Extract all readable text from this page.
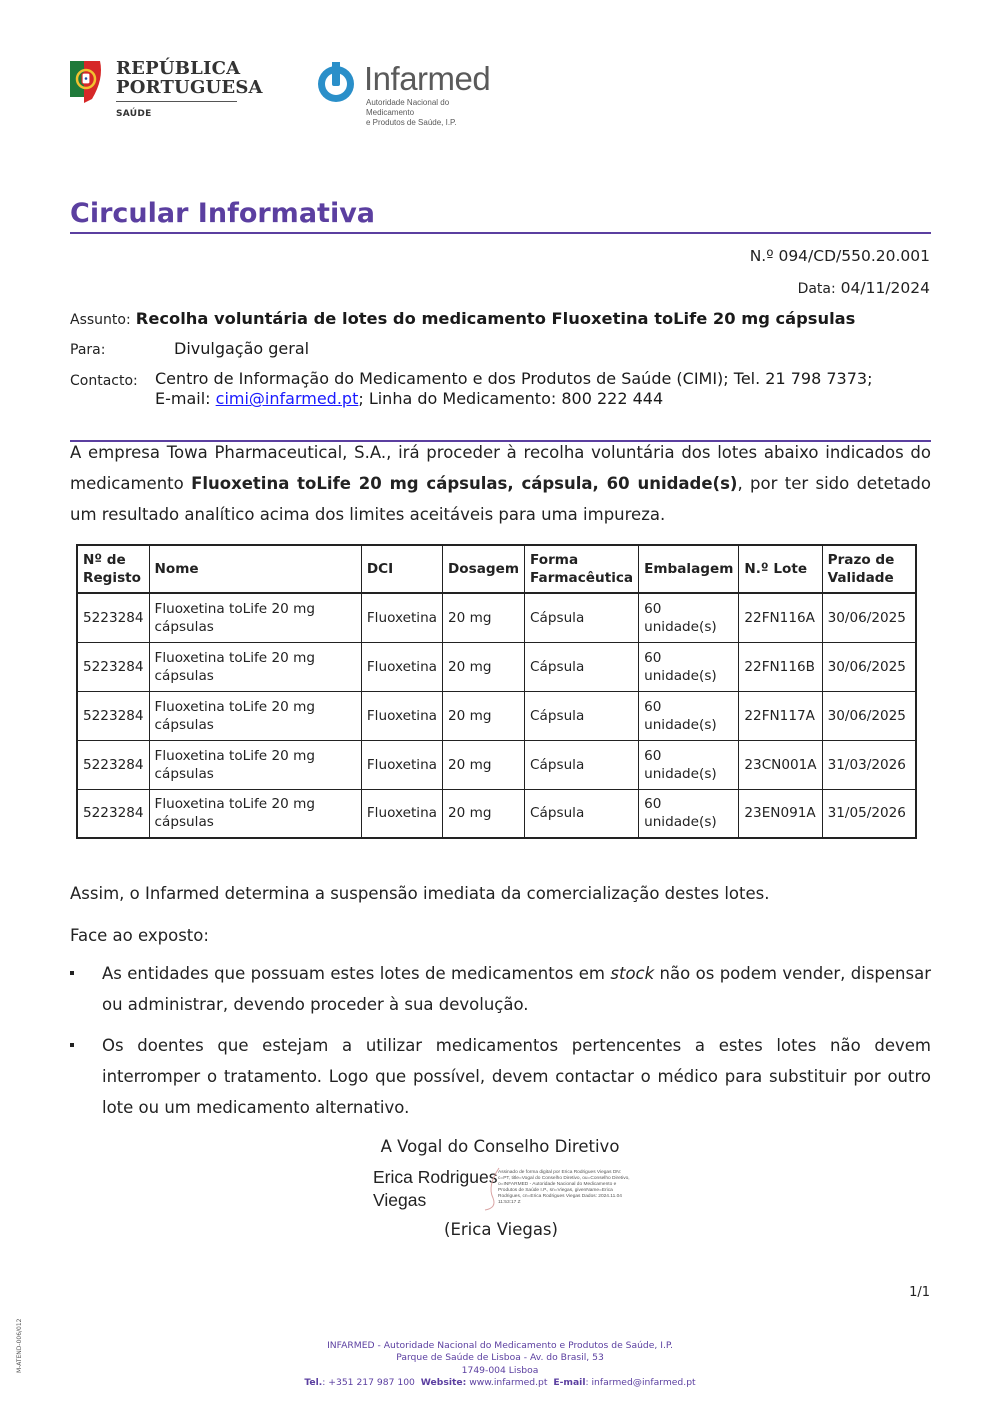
REPÚBLICA
PORTUGUESA
SAÚDE
Infarmed
Autoridade Nacional do Medicamento
e Produtos de Saúde, I.P.
Circular Informativa
N.º 094/CD/550.20.001
Data: 04/11/2024
Assunto: Recolha voluntária de lotes do medicamento Fluoxetina toLife 20 mg cápsulas
Para:	Divulgação geral
Contacto: Centro de Informação do Medicamento e dos Produtos de Saúde (CIMI); Tel. 21 798 7373;
E-mail: cimi@infarmed.pt; Linha do Medicamento: 800 222 444
A empresa Towa Pharmaceutical, S.A., irá proceder à recolha voluntária dos lotes abaixo indicados do medicamento Fluoxetina toLife 20 mg cápsulas, cápsula, 60 unidade(s), por ter sido detetado um resultado analítico acima dos limites aceitáveis para uma impureza.
Nº de Registo	Nome	DCI	Dosagem	Forma Farmacêutica	Embalagem	N.º Lote	Prazo de Validade
5223284	Fluoxetina toLife 20 mg cápsulas	Fluoxetina	20 mg	Cápsula	60 unidade(s)	22FN116A	30/06/2025
5223284	Fluoxetina toLife 20 mg cápsulas	Fluoxetina	20 mg	Cápsula	60 unidade(s)	22FN116B	30/06/2025
5223284	Fluoxetina toLife 20 mg cápsulas	Fluoxetina	20 mg	Cápsula	60 unidade(s)	22FN117A	30/06/2025
5223284	Fluoxetina toLife 20 mg cápsulas	Fluoxetina	20 mg	Cápsula	60 unidade(s)	23CN001A	31/03/2026
5223284	Fluoxetina toLife 20 mg cápsulas	Fluoxetina	20 mg	Cápsula	60 unidade(s)	23EN091A	31/05/2026
Assim, o Infarmed determina a suspensão imediata da comercialização destes lotes.
Face ao exposto:
As entidades que possuam estes lotes de medicamentos em stock não os podem vender, dispensar ou administrar, devendo proceder à sua devolução.
Os doentes que estejam a utilizar medicamentos pertencentes a estes lotes não devem interromper o tratamento. Logo que possível, devem contactar o médico para substituir por outro lote ou um medicamento alternativo.
A Vogal do Conselho Diretivo
Erica Rodrigues
Viegas
Assinado de forma digital por Erica Rodrigues Viegas DN: c=PT, title=Vogal do Conselho Diretivo, ou=Conselho Diretivo, o=INFARMED - Autoridade Nacional do Medicamento e Produtos de Saúde I.P., sn=Viegas, givenName=Erica Rodrigues, cn=Erica Rodrigues Viegas Dados: 2024.11.04 11:53:17 Z
(Erica Viegas)
1/1
M-ATEND-006/012	INFARMED - Autoridade Nacional do Medicamento e Produtos de Saúde, I.P.
Parque de Saúde de Lisboa - Av. do Brasil, 53
1749-004 Lisboa
Tel.: +351 217 987 100 Website: www.infarmed.pt E-mail: infarmed@infarmed.pt
